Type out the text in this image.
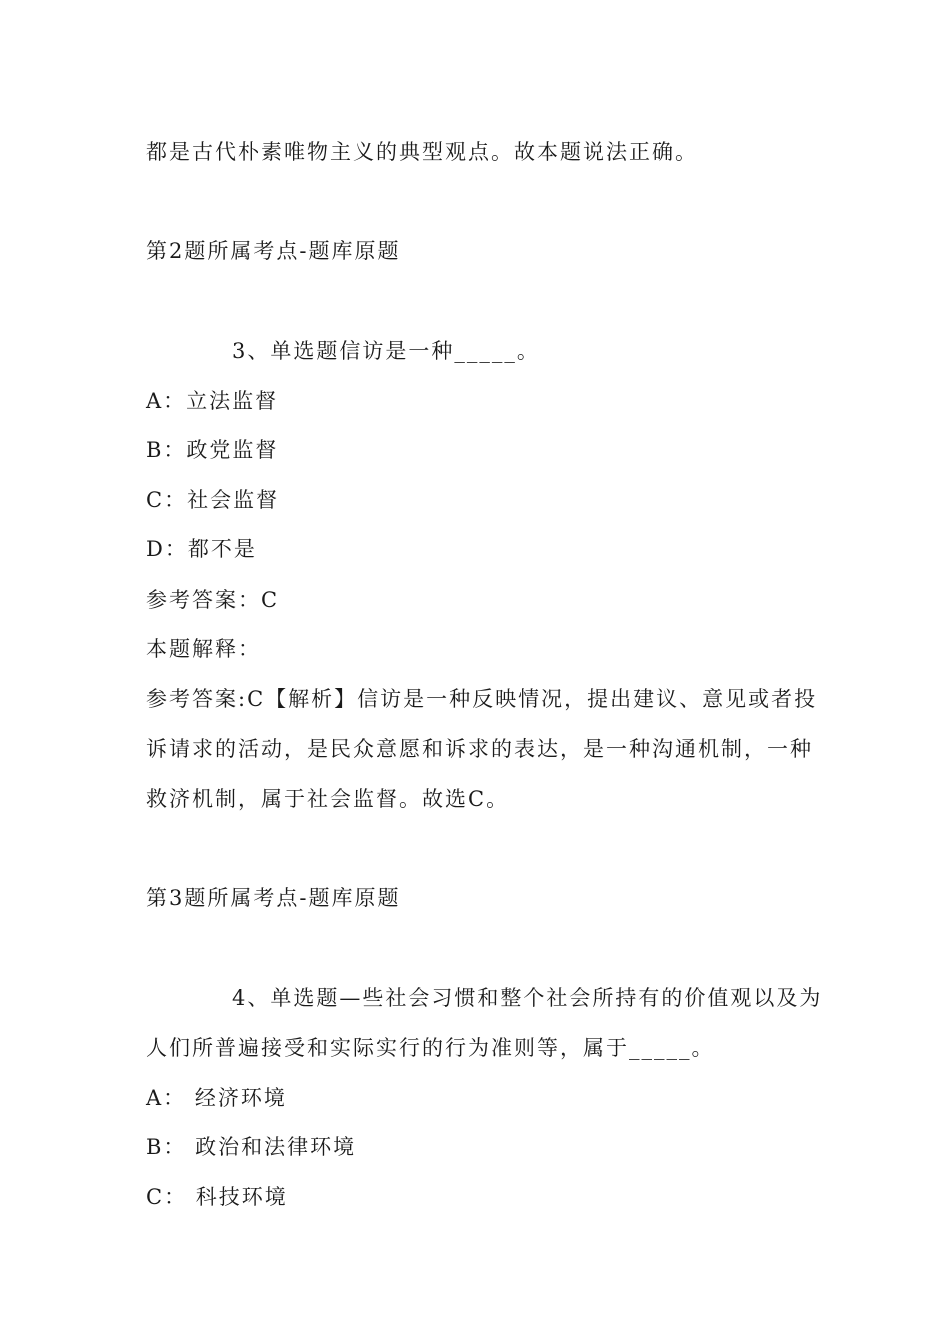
都是古代朴素唯物主义的典型观点。故本题说法正确。
第2题所属考点-题库原题
3、单选题信访是一种_____。
A：立法监督
B：政党监督
C：社会监督
D：都不是
参考答案：C
本题解释：
参考答案:C【解析】信访是一种反映情况，提出建议、意见或者投
诉请求的活动，是民众意愿和诉求的表达，是一种沟通机制，一种
救济机制，属于社会监督。故选C。
第3题所属考点-题库原题
4、单选题—些社会习惯和整个社会所持有的价值观以及为
人们所普遍接受和实际实行的行为准则等，属于_____。
A： 经济环境
B： 政治和法律环境
C： 科技环境
